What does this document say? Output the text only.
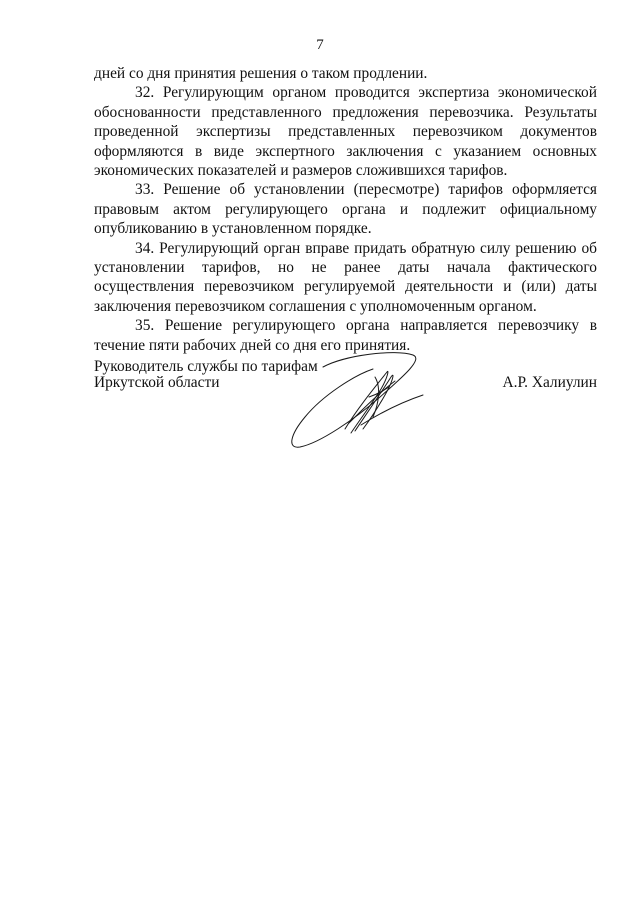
7

дней со дня принятия решения о таком продлении.

32. Регулирующим органом проводится экспертиза экономической обоснованности представленного предложения перевозчика. Результаты проведенной экспертизы представленных перевозчиком документов оформляются в виде экспертного заключения с указанием основных экономических показателей и размеров сложившихся тарифов.

33. Решение об установлении (пересмотре) тарифов оформляется правовым актом регулирующего органа и подлежит официальному опубликованию в установленном порядке.

34. Регулирующий орган вправе придать обратную силу решению об установлении тарифов, но не ранее даты начала фактического осуществления перевозчиком регулируемой деятельности и (или) даты заключения перевозчиком соглашения с уполномоченным органом.

35. Решение регулирующего органа направляется перевозчику в течение пяти рабочих дней со дня его принятия.

Руководитель службы по тарифам
Иркутской области	А.Р. Халиулин
